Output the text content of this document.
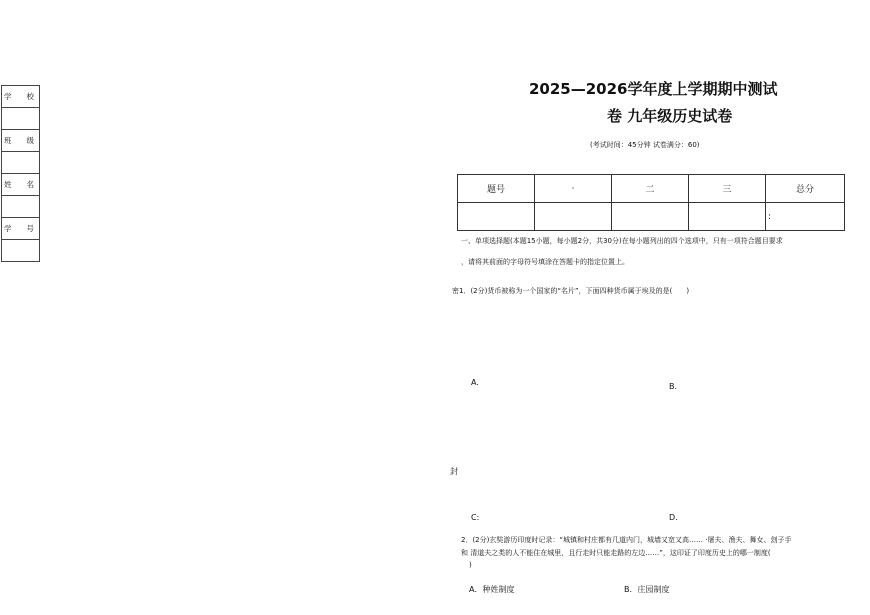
学　　校

班　　级

姓　　名

学　　号

2025—2026学年度上学期期中测试
卷 九年级历史试卷
(考试时间：45分钟 试卷满分：60)
题号	·	二	三	总分
				:
一、单项选择题(本题15小题，每小题2分，共30分)在每小题列出的四个选项中，只有一项符合题目要求
，请将其前面的字母符号填涂在答题卡的指定位置上。
密1．(2分)货币被称为一个国家的“名片”，下面四种货币属于埃及的是(　　)
A.	B.
封
C:	D.
2．(2分)玄奘游历印度时记录：“城镇和村庄都有几道内门，城墙又宽又高…… ·屠夫、渔夫、舞女、刽子手
和 清道夫之类的人不能住在城里，且行走时只能走路的左边……”，这印证了印度历史上的哪一制度(
)
A．种姓制度	B．庄园制度
